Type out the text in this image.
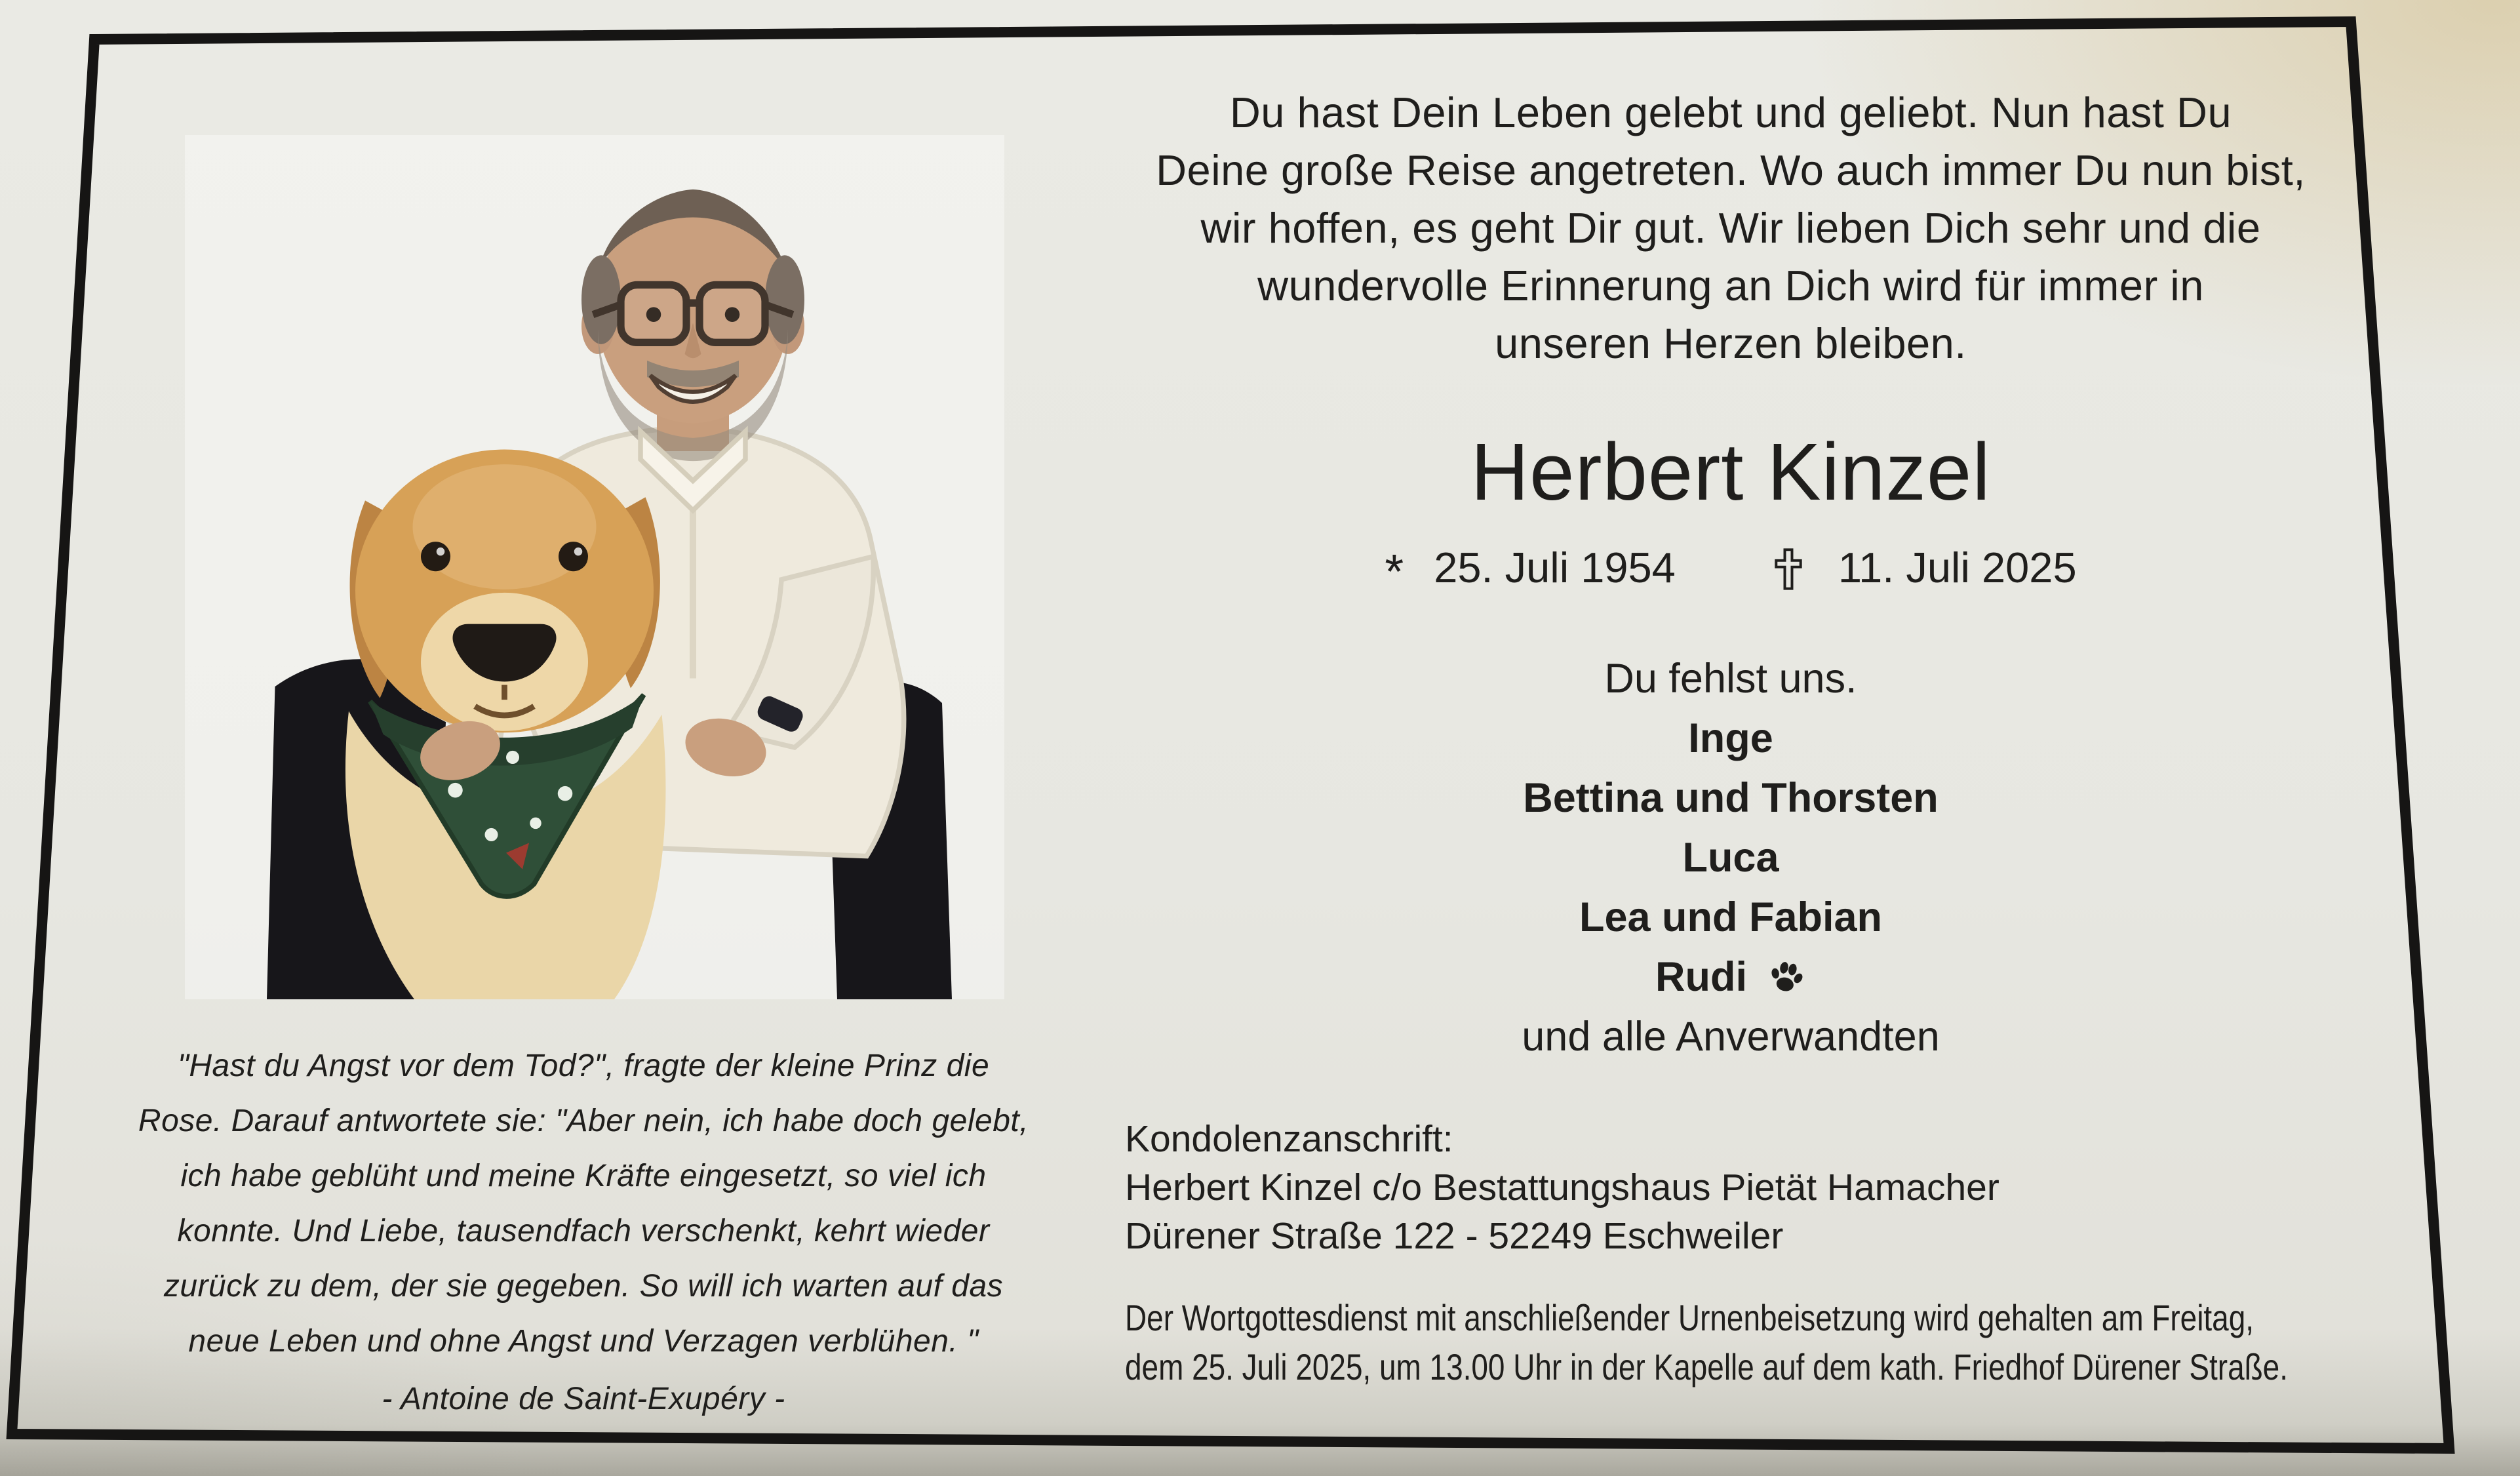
Du hast Dein Leben gelebt und geliebt. Nun hast Du
Deine große Reise angetreten. Wo auch immer Du nun bist,
wir hoffen, es geht Dir gut. Wir lieben Dich sehr und die
wundervolle Erinnerung an Dich wird für immer in
unseren Herzen bleiben.
Herbert Kinzel
* 25. Juli 1954	11. Juli 2025
Du fehlst uns.
Inge
Bettina und Thorsten
Luca
Lea und Fabian
Rudi
und alle Anverwandten
"Hast du Angst vor dem Tod?", fragte der kleine Prinz die
Rose. Darauf antwortete sie: "Aber nein, ich habe doch gelebt,
ich habe geblüht und meine Kräfte eingesetzt, so viel ich
konnte. Und Liebe, tausendfach verschenkt, kehrt wieder
zurück zu dem, der sie gegeben. So will ich warten auf das
neue Leben und ohne Angst und Verzagen verblühen. "
- Antoine de Saint-Exupéry -
Kondolenzanschrift:
Herbert Kinzel c/o Bestattungshaus Pietät Hamacher
Dürener Straße 122 - 52249 Eschweiler
Der Wortgottesdienst mit anschließender Urnenbeisetzung wird gehalten am Freitag,
dem 25. Juli 2025, um 13.00 Uhr in der Kapelle auf dem kath. Friedhof Dürener Straße.
